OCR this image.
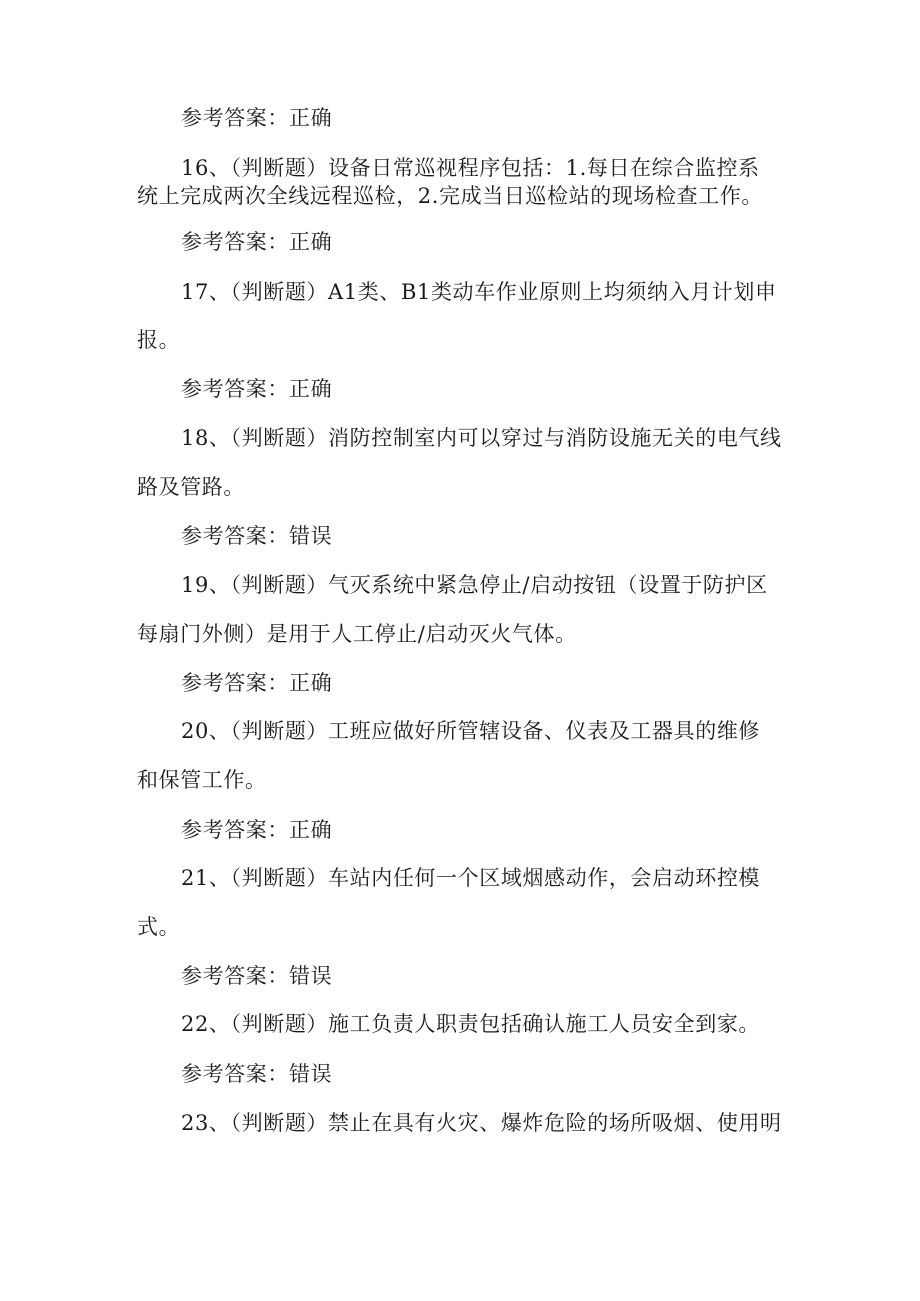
参考答案：正确
16、（判断题）设备日常巡视程序包括：1.每日在综合监控系
统上完成两次全线远程巡检，2.完成当日巡检站的现场检查工作。
参考答案：正确
17、（判断题）A1类、B1类动车作业原则上均须纳入月计划申
报。
参考答案：正确
18、（判断题）消防控制室内可以穿过与消防设施无关的电气线
路及管路。
参考答案：错误
19、（判断题）气灭系统中紧急停止/启动按钮（设置于防护区
每扇门外侧）是用于人工停止/启动灭火气体。
参考答案：正确
20、（判断题）工班应做好所管辖设备、仪表及工器具的维修
和保管工作。
参考答案：正确
21、（判断题）车站内任何一个区域烟感动作，会启动环控模
式。
参考答案：错误
22、（判断题）施工负责人职责包括确认施工人员安全到家。
参考答案：错误
23、（判断题）禁止在具有火灾、爆炸危险的场所吸烟、使用明
